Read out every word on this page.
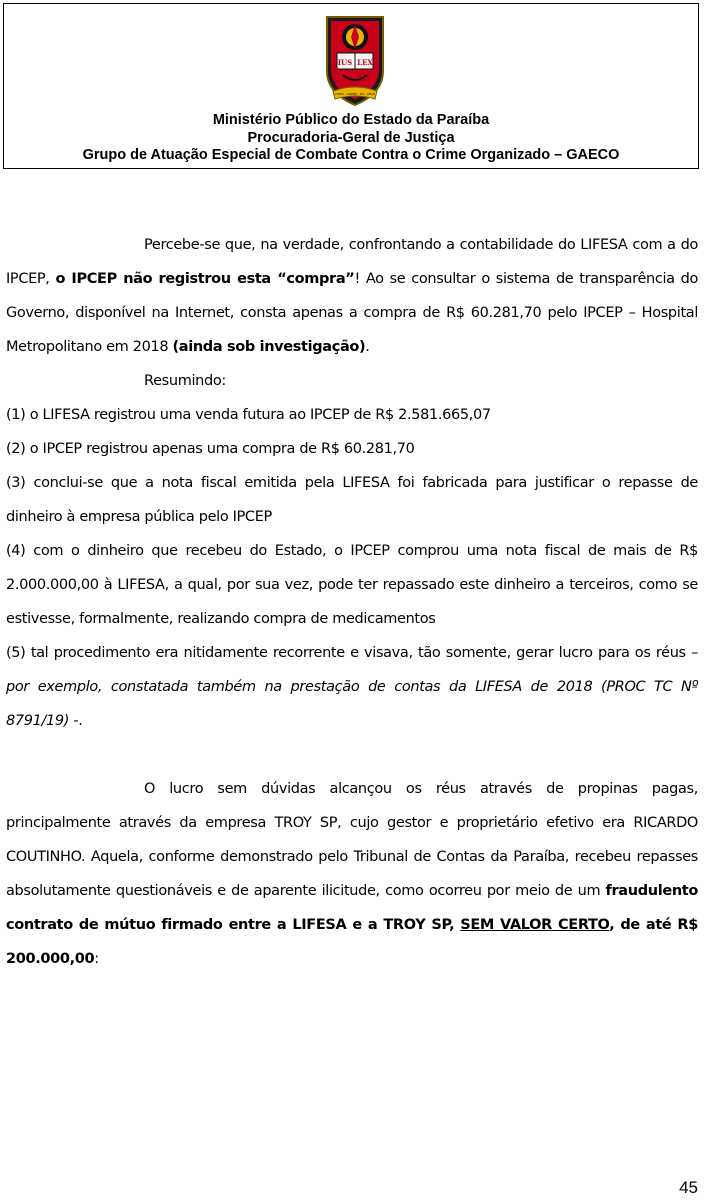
IUS LEX
FIDES · AGERE · EX · LEGE
Ministério Público do Estado da Paraíba
Procuradoria-Geral de Justiça
Grupo de Atuação Especial de Combate Contra o Crime Organizado – GAECO

Percebe-se que, na verdade, confrontando a contabilidade do LIFESA com a do IPCEP, o IPCEP não registrou esta “compra”! Ao se consultar o sistema de transparência do Governo, disponível na Internet, consta apenas a compra de R$ 60.281,70 pelo IPCEP – Hospital Metropolitano em 2018 (ainda sob investigação).

Resumindo:

(1) o LIFESA registrou uma venda futura ao IPCEP de R$ 2.581.665,07

(2) o IPCEP registrou apenas uma compra de R$ 60.281,70

(3) conclui-se que a nota fiscal emitida pela LIFESA foi fabricada para justificar o repasse de dinheiro à empresa pública pelo IPCEP

(4) com o dinheiro que recebeu do Estado, o IPCEP comprou uma nota fiscal de mais de R$ 2.000.000,00 à LIFESA, a qual, por sua vez, pode ter repassado este dinheiro a terceiros, como se estivesse, formalmente, realizando compra de medicamentos

(5) tal procedimento era nitidamente recorrente e visava, tão somente, gerar lucro para os réus – por exemplo, constatada também na prestação de contas da LIFESA de 2018 (PROC TC Nº 8791/19) -.

O lucro sem dúvidas alcançou os réus através de propinas pagas, principalmente através da empresa TROY SP, cujo gestor e proprietário efetivo era RICARDO COUTINHO. Aquela, conforme demonstrado pelo Tribunal de Contas da Paraíba, recebeu repasses absolutamente questionáveis e de aparente ilicitude, como ocorreu por meio de um fraudulento contrato de mútuo firmado entre a LIFESA e a TROY SP, SEM VALOR CERTO, de até R$ 200.000,00:

45
